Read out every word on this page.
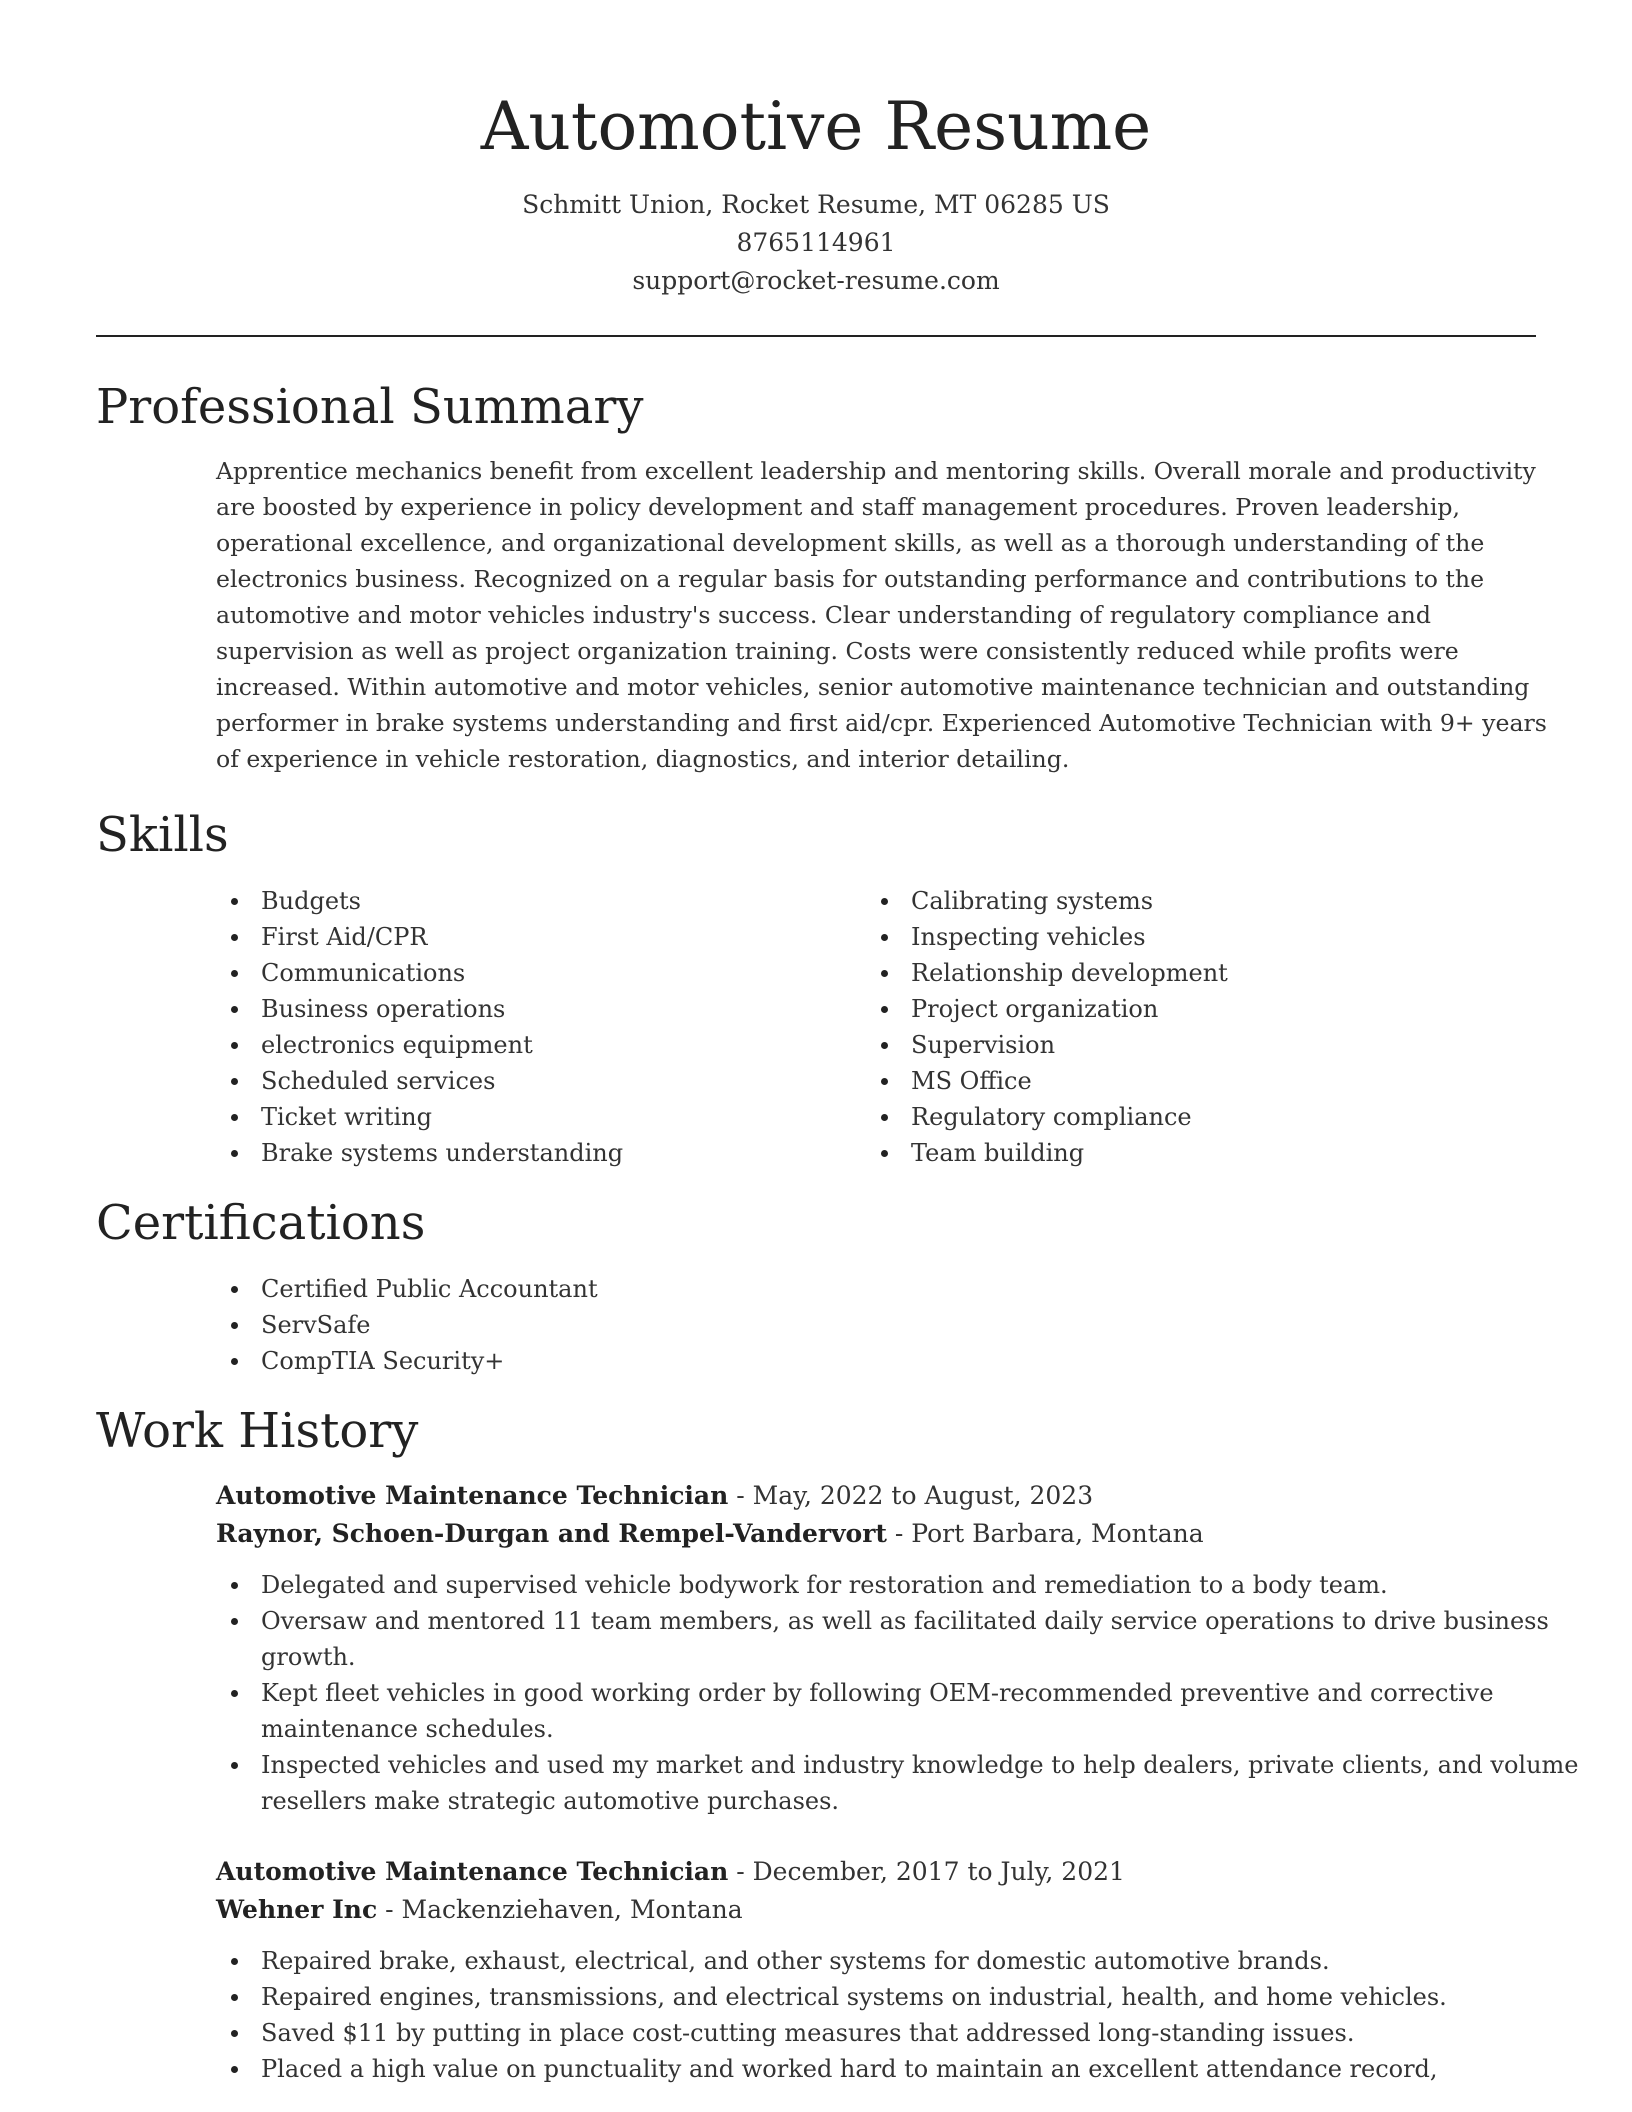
Automotive Resume
Schmitt Union, Rocket Resume, MT 06285 US
8765114961
support@rocket-resume.com
Professional Summary
Apprentice mechanics benefit from excellent leadership and mentoring skills. Overall morale and productivity
are boosted by experience in policy development and staff management procedures. Proven leadership,
operational excellence, and organizational development skills, as well as a thorough understanding of the
electronics business. Recognized on a regular basis for outstanding performance and contributions to the
automotive and motor vehicles industry's success. Clear understanding of regulatory compliance and
supervision as well as project organization training. Costs were consistently reduced while profits were
increased. Within automotive and motor vehicles, senior automotive maintenance technician and outstanding
performer in brake systems understanding and first aid/cpr. Experienced Automotive Technician with 9+ years
of experience in vehicle restoration, diagnostics, and interior detailing.
Skills
Budgets
First Aid/CPR
Communications
Business operations
electronics equipment
Scheduled services
Ticket writing
Brake systems understanding
Calibrating systems
Inspecting vehicles
Relationship development
Project organization
Supervision
MS Office
Regulatory compliance
Team building
Certifications
Certified Public Accountant
ServSafe
CompTIA Security+
Work History
Automotive Maintenance Technician - May, 2022 to August, 2023
Raynor, Schoen-Durgan and Rempel-Vandervort - Port Barbara, Montana
Delegated and supervised vehicle bodywork for restoration and remediation to a body team.
Oversaw and mentored 11 team members, as well as facilitated daily service operations to drive business
growth.
Kept fleet vehicles in good working order by following OEM-recommended preventive and corrective
maintenance schedules.
Inspected vehicles and used my market and industry knowledge to help dealers, private clients, and volume
resellers make strategic automotive purchases.
Automotive Maintenance Technician - December, 2017 to July, 2021
Wehner Inc - Mackenziehaven, Montana
Repaired brake, exhaust, electrical, and other systems for domestic automotive brands.
Repaired engines, transmissions, and electrical systems on industrial, health, and home vehicles.
Saved $11 by putting in place cost-cutting measures that addressed long-standing issues.
Placed a high value on punctuality and worked hard to maintain an excellent attendance record,
